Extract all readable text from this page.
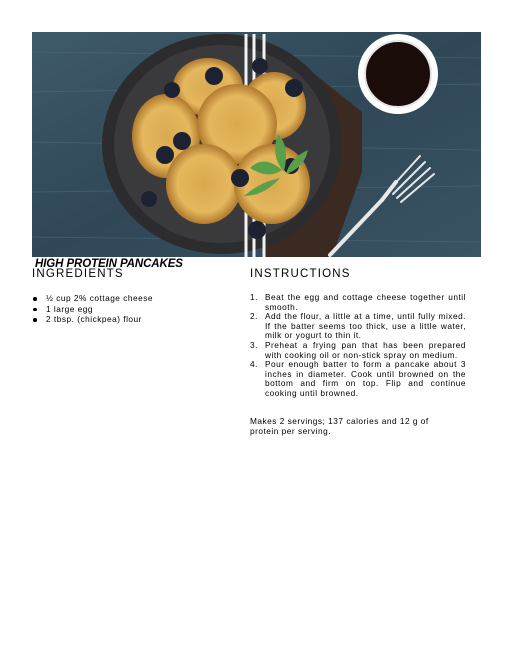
HIGH PROTEIN PANCAKES
INGREDIENTS	INSTRUCTIONS
½ cup 2% cottage cheese
1 large egg
2 tbsp. (chickpea) flour
1. Beat the egg and cottage cheese together until smooth.
2. Add the flour, a little at a time, until fully mixed. If the batter seems too thick, use a little water, milk or yogurt to thin it.
3. Preheat a frying pan that has been prepared with cooking oil or non-stick spray on medium.
4. Pour enough batter to form a pancake about 3 inches in diameter. Cook until browned on the bottom and firm on top. Flip and continue cooking until browned.
Makes 2 servings; 137 calories and 12 g of protein per serving.
